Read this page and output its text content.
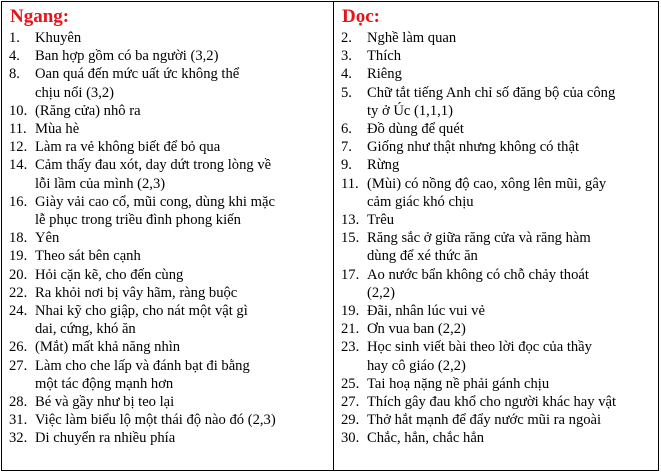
Ngang:
1. Khuyên
4. Ban hợp gồm có ba người (3,2)
8. Oan quá đến mức uất ức không thể
chịu nổi (3,2)
10. (Răng cửa) nhô ra
11. Mùa hè
12. Làm ra vẻ không biết để bỏ qua
14. Cảm thấy đau xót, day dứt trong lòng về
lỗi lầm của mình (2,3)
16. Giày vải cao cổ, mũi cong, dùng khi mặc
lễ phục trong triều đình phong kiến
18. Yên
19. Theo sát bên cạnh
20. Hỏi cặn kẽ, cho đến cùng
22. Ra khỏi nơi bị vây hãm, ràng buộc
24. Nhai kỹ cho giập, cho nát một vật gì
dai, cứng, khó ăn
26. (Mắt) mất khả năng nhìn
27. Làm cho che lấp và đánh bạt đi bằng
một tác động mạnh hơn
28. Bé và gầy như bị teo lại
31. Việc làm biểu lộ một thái độ nào đó (2,3)
32. Di chuyển ra nhiều phía
Dọc:
2. Nghề làm quan
3. Thích
4. Riêng
5. Chữ tắt tiếng Anh chỉ số đăng bộ của công
ty ở Úc (1,1,1)
6. Đồ dùng để quét
7. Giống như thật nhưng không có thật
9. Rừng
11. (Mùi) có nồng độ cao, xông lên mũi, gây
cảm giác khó chịu
13. Trêu
15. Răng sắc ở giữa răng cửa và răng hàm
dùng để xé thức ăn
17. Ao nước bẩn không có chỗ chảy thoát
(2,2)
19. Đãi, nhân lúc vui vẻ
21. Ơn vua ban (2,2)
23. Học sinh viết bài theo lời đọc của thầy
hay cô giáo (2,2)
25. Tai hoạ nặng nề phải gánh chịu
27. Thích gây đau khổ cho người khác hay vật
29. Thở hắt mạnh để đẩy nước mũi ra ngoài
30. Chắc, hẳn, chắc hẳn
